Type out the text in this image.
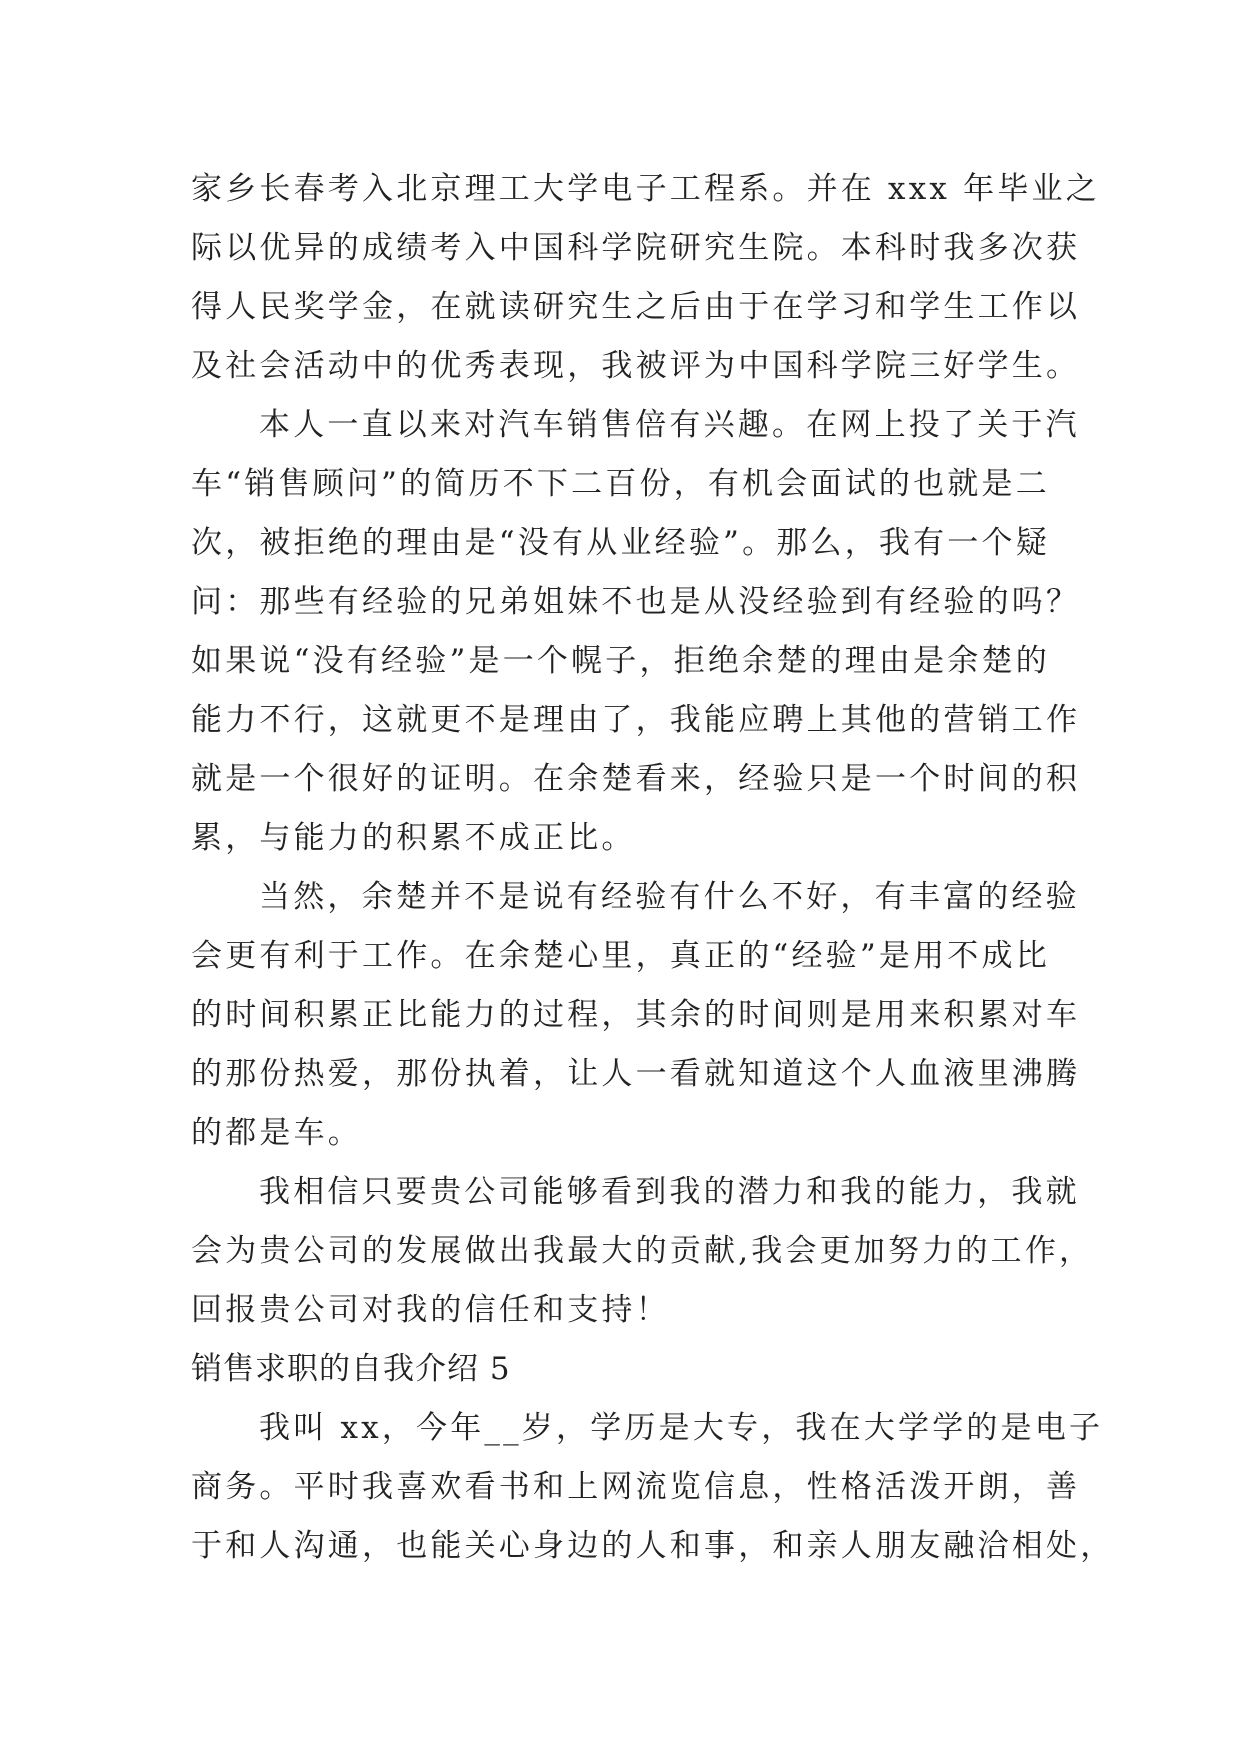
家乡长春考入北京理工大学电子工程系。并在 xxx 年毕业之
际以优异的成绩考入中国科学院研究生院。本科时我多次获
得人民奖学金，在就读研究生之后由于在学习和学生工作以
及社会活动中的优秀表现，我被评为中国科学院三好学生。
本人一直以来对汽车销售倍有兴趣。在网上投了关于汽
车“销售顾问”的简历不下二百份，有机会面试的也就是二
次，被拒绝的理由是“没有从业经验”。那么，我有一个疑
问：那些有经验的兄弟姐妹不也是从没经验到有经验的吗？
如果说“没有经验”是一个幌子，拒绝余楚的理由是余楚的
能力不行，这就更不是理由了，我能应聘上其他的营销工作
就是一个很好的证明。在余楚看来，经验只是一个时间的积
累，与能力的积累不成正比。
当然，余楚并不是说有经验有什么不好，有丰富的经验
会更有利于工作。在余楚心里，真正的“经验”是用不成比
的时间积累正比能力的过程，其余的时间则是用来积累对车
的那份热爱，那份执着，让人一看就知道这个人血液里沸腾
的都是车。
我相信只要贵公司能够看到我的潜力和我的能力，我就
会为贵公司的发展做出我最大的贡献,我会更加努力的工作，
回报贵公司对我的信任和支持！
销售求职的自我介绍 5
我叫 xx，今年__岁，学历是大专，我在大学学的是电子
商务。平时我喜欢看书和上网流览信息，性格活泼开朗，善
于和人沟通，也能关心身边的人和事，和亲人朋友融洽相处，
